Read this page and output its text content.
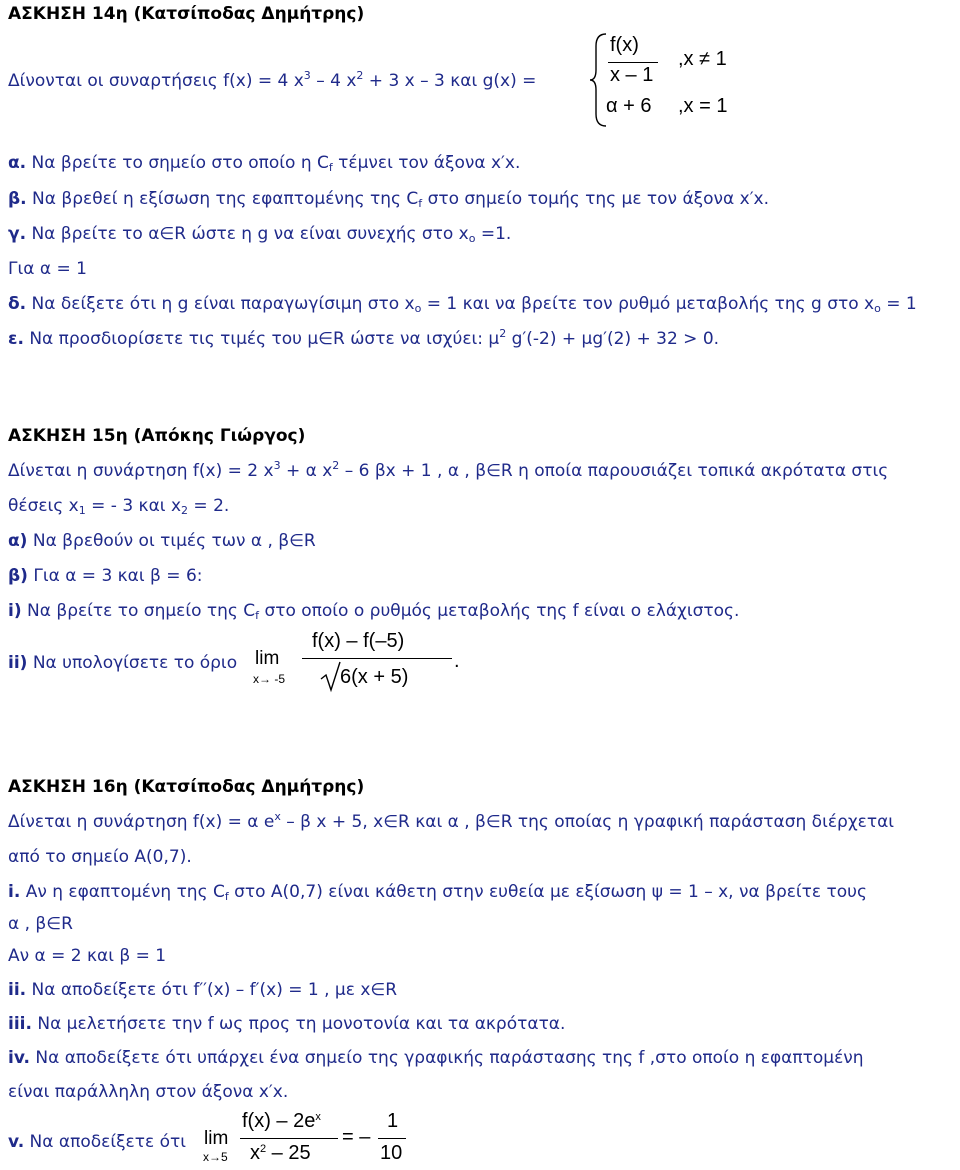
ΑΣΚΗΣΗ 14η (Κατσίποδας Δημήτρης)
Δίνονται οι συναρτήσεις f(x) = 4 $x^3 - 4$ $x^2 + 3$ x – 3 και g(x) =
f(x)
x – 1
,x ≠ 1
α + 6 ,x = 1
α. Να βρείτε το σημείο στο οποίο η $C_f$ τέμνει τον άξονα x′x.
β. Να βρεθεί η εξίσωση της εφαπτομένης της $C_f$ στο σημείο τομής της με τον άξονα x′x.
γ. Να βρείτε το α∈R ώστε η g να είναι συνεχής στο $x_o =1$.
Για α = 1
δ. Να δείξετε ότι η g είναι παραγωγίσιμη στο $x_o = 1$ και να βρείτε τον ρυθμό μεταβολής της g στο $x_o = 1$
ε. Να προσδιορίσετε τις τιμές του μ∈R ώστε να ισχύει: $\mu^2$ g′(-2) + μg′(2) + 32 > 0.
ΑΣΚΗΣΗ 15η (Απόκης Γιώργος)
Δίνεται η συνάρτηση f(x) = 2 $x^3 + \alpha$ $x^2 - 6$ βx + 1 , α , β∈R η οποία παρουσιάζει τοπικά ακρότατα στις
θέσεις $x_1$ = - 3 και $x_2 = 2$.
α) Να βρεθούν οι τιμές των α , β∈R
β) Για α = 3 και β = 6:
i) Να βρείτε το σημείο της $C_f$ στο οποίο ο ρυθμός μεταβολής της f είναι ο ελάχιστος.
ii) Να υπολογίσετε το όριο lim
x→ -5
f(x) – f(–5)
6(x + 5)
.
ΑΣΚΗΣΗ 16η (Κατσίποδας Δημήτρης)
Δίνεται η συνάρτηση f(x) = α $e^x$ – β x + 5, x∈R και α , β∈R της οποίας η γραφική παράσταση διέρχεται
από το σημείο Α(0,7).
i. Αν η εφαπτομένη της $C_f$ στο Α(0,7) είναι κάθετη στην ευθεία με εξίσωση ψ = 1 – x, να βρείτε τους
α , β∈R
Αν α = 2 και β = 1
ii. Να αποδείξετε ότι f′′(x) – f′(x) = 1 , με x∈R
iii. Να μελετήσετε την f ως προς τη μονοτονία και τα ακρότατα.
iv. Να αποδείξετε ότι υπάρχει ένα σημείο της γραφικής παράστασης της f ,στο οποίο η εφαπτομένη
είναι παράλληλη στον άξονα x′x.
v. Να αποδείξετε ότι lim
x→5
$f(x) - 2e^x$
$x^2 - 25$
= –
1
10
